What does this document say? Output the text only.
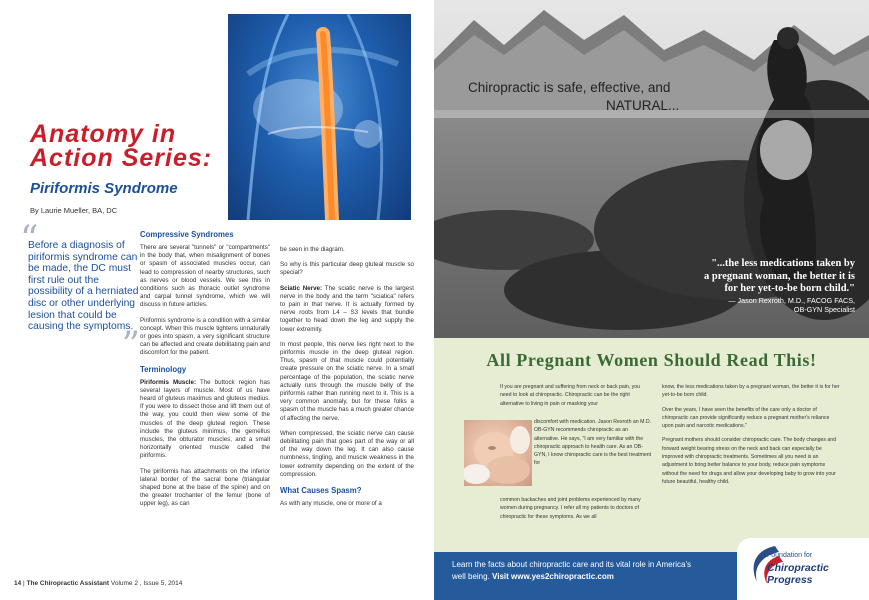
Anatomy in
Action Series:
Piriformis Syndrome
By Laurie Mueller, BA, DC
“
Before a diagnosis of piriformis syndrome can be made, the DC must first rule out the possibility of a herniated disc or other underlying lesion that could be causing the symptoms.
”
Compressive Syndromes

There are several "tunnels" or "compartments" in the body that, when misalignment of bones or spasm of associated muscles occur, can lead to compression of nearby structures, such as nerves or blood vessels. We see this in conditions such as thoracic outlet syndrome and carpal tunnel syndrome, which we will discuss in future articles.

Piriformis syndrome is a condition with a similar concept. When this muscle tightens unnaturally or goes into spasm, a very significant structure can be affected and create debilitating pain and discomfort for the patient.

Terminology

Piriformis Muscle: The buttock region has several layers of muscle. Most of us have heard of gluteus maximus and gluteus medius. If you were to dissect those and lift them out of the way, you could then view some of the muscles of the deep gluteal region. These include the gluteus minimus, the gemellus muscles, the obturator muscles, and a small horizontally oriented muscle called the piriformis.

The piriformis has attachments on the inferior lateral border of the sacral bone (triangular shaped bone at the base of the spine) and on the greater trochanter of the femur (bone of upper leg), as can

be seen in the diagram.

So why is this particular deep gluteal muscle so special?

Sciatic Nerve: The sciatic nerve is the largest nerve in the body and the term "sciatica" refers to pain in that nerve. It is actually formed by nerve roots from L4 – S3 levels that bundle together to head down the leg and supply the lower extremity.

In most people, this nerve lies right next to the piriformis muscle in the deep gluteal region. Thus, spasm of that muscle could potentially create pressure on the sciatic nerve. In a small percentage of the population, the sciatic nerve actually runs through the muscle belly of the piriformis rather than running next to it. This is a very common anomaly, but for these folks a spasm of the muscle has a much greater chance of affecting the nerve.

When compressed, the sciatic nerve can cause debilitating pain that goes part of the way or all of the way down the leg. It can also cause numbness, tingling, and muscle weakness in the lower extremity depending on the extent of the compression.

What Causes Spasm?

As with any muscle, one or more of a

14 | The Chiropractic Assistant Volume 2 , Issue 5, 2014
Chiropractic is safe, effective, and
NATURAL...
"...the less medications taken by
a pregnant woman, the better it is
for her yet-to-be born child."
— Jason Rexroth, M.D., FACOG FACS,
OB-GYN Specialist
All Pregnant Women Should Read This!
If you are pregnant and suffering from neck or back pain, you need to look at chiropractic. Chiropractic can be the right alternative to living in pain or masking your
discomfort with medication. Jason Rexroth an M.D. OB-GYN recommends chiropractic as an alternative. He says, "I am very familiar with the chiropractic approach to health care. As an OB-GYN, I know chiropractic care is the best treatment for
common backaches and joint problems experienced by many women during pregnancy. I refer all my patients to doctors of chiropractic for these symptoms. As we all

know, the less medications taken by a pregnant woman, the better it is for her yet-to-be born child.

Over the years, I have seen the benefits of the care only a doctor of chiropractic can provide significantly reduce a pregnant mother's reliance upon pain and narcotic medications."

Pregnant mothers should consider chiropractic care. The body changes and forward weight bearing stress on the neck and back can especially be improved with chiropractic treatments. Sometimes all you need is an adjustment to bring better balance to your body, reduce pain symptoms without the need for drugs and allow your developing baby to grow into your future beautiful, healthy child.

Learn the facts about chiropractic care and its vital role in America's
well being. Visit www.yes2chiropractic.com
Foundation for
Chiropractic Progress
